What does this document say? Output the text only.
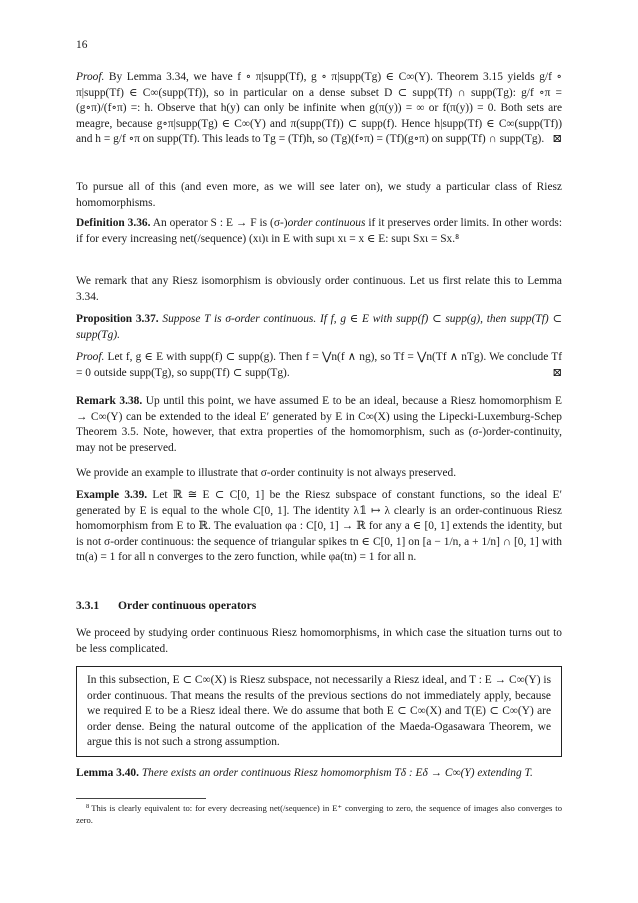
16
Proof. By Lemma 3.34, we have f ∘ π|supp(Tf), g ∘ π|supp(Tg) ∈ C∞(Y). Theorem 3.15 yields g/f ∘ π|supp(Tf) ∈ C∞(supp(Tf)), so in particular on a dense subset D ⊂ supp(Tf) ∩ supp(Tg): g/f ∘π = (g∘π)/(f∘π) =: h. Observe that h(y) can only be infinite when g(π(y)) = ∞ or f(π(y)) = 0. Both sets are meagre, because g∘π|supp(Tg) ∈ C∞(Y) and π(supp(Tf)) ⊂ supp(f). Hence h|supp(Tf) ∈ C∞(supp(Tf)) and h = g/f ∘π on supp(Tf). This leads to Tg = (Tf)h, so (Tg)(f∘π) = (Tf)(g∘π) on supp(Tf) ∩ supp(Tg). ⊠
To pursue all of this (and even more, as we will see later on), we study a particular class of Riesz homomorphisms.
Definition 3.36. An operator S : E → F is (σ-)order continuous if it preserves order limits. In other words: if for every increasing net(/sequence) (xι)ι in E with supι xι = x ∈ E: supι Sxι = Sx.⁸
We remark that any Riesz isomorphism is obviously order continuous. Let us first relate this to Lemma 3.34.
Proposition 3.37. Suppose T is σ-order continuous. If f, g ∈ E with supp(f) ⊂ supp(g), then supp(Tf) ⊂ supp(Tg).
Proof. Let f, g ∈ E with supp(f) ⊂ supp(g). Then f = ⋁n(f ∧ ng), so Tf = ⋁n(Tf ∧ nTg). We conclude Tf = 0 outside supp(Tg), so supp(Tf) ⊂ supp(Tg).	⊠
Remark 3.38. Up until this point, we have assumed E to be an ideal, because a Riesz homomorphism E → C∞(Y) can be extended to the ideal E′ generated by E in C∞(X) using the Lipecki-Luxemburg-Schep Theorem 3.5. Note, however, that extra properties of the homomorphism, such as (σ-)order-continuity, may not be preserved.
We provide an example to illustrate that σ-order continuity is not always preserved.
Example 3.39. Let ℝ ≅ E ⊂ C[0, 1] be the Riesz subspace of constant functions, so the ideal E′ generated by E is equal to the whole C[0, 1]. The identity λ𝟙 ↦ λ clearly is an order-continuous Riesz homomorphism from E to ℝ. The evaluation φa : C[0, 1] → ℝ for any a ∈ [0, 1] extends the identity, but is not σ-order continuous: the sequence of triangular spikes tn ∈ C[0, 1] on [a − 1/n, a + 1/n] ∩ [0, 1] with tn(a) = 1 for all n converges to the zero function, while φa(tn) = 1 for all n.
3.3.1 Order continuous operators
We proceed by studying order continuous Riesz homomorphisms, in which case the situation turns out to be less complicated.
In this subsection, E ⊂ C∞(X) is Riesz subspace, not necessarily a Riesz ideal, and T : E → C∞(Y) is order continuous. That means the results of the previous sections do not immediately apply, because we required E to be a Riesz ideal there. We do assume that both E ⊂ C∞(X) and T(E) ⊂ C∞(Y) are order dense. Being the natural outcome of the application of the Maeda-Ogasawara Theorem, we argue this is not such a strong assumption.
Lemma 3.40. There exists an order continuous Riesz homomorphism Tδ : Eδ → C∞(Y) extending T.
$^8$ This is clearly equivalent to: for every decreasing net(/sequence) in E⁺ converging to zero, the sequence of images also converges to zero.
